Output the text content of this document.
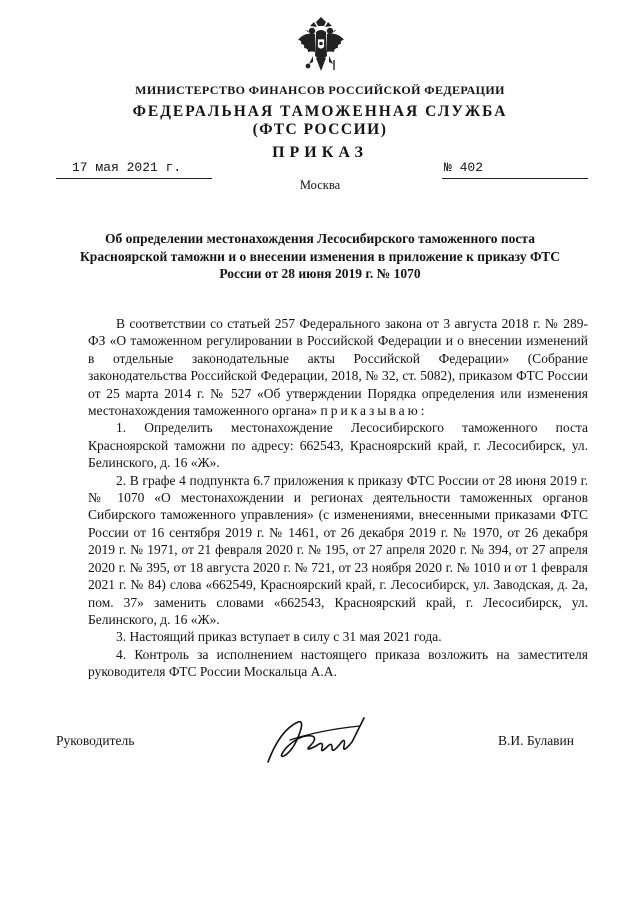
МИНИСТЕРСТВО ФИНАНСОВ РОССИЙСКОЙ ФЕДЕРАЦИИ
ФЕДЕРАЛЬНАЯ ТАМОЖЕННАЯ СЛУЖБА
(ФТС РОССИИ)
ПРИКАЗ
17 мая 2021 г.	№ 402
Москва
Об определении местонахождения Лесосибирского таможенного поста Красноярской таможни и о внесении изменения в приложение к приказу ФТС России от 28 июня 2019 г. № 1070

В соответствии со статьей 257 Федерального закона от 3 августа 2018 г. № 289-ФЗ «О таможенном регулировании в Российской Федерации и о внесении изменений в отдельные законодательные акты Российской Федерации» (Собрание законодательства Российской Федерации, 2018, № 32, ст. 5082), приказом ФТС России от 25 марта 2014 г. № 527 «Об утверждении Порядка определения или изменения местонахождения таможенного органа» приказываю:

1. Определить местонахождение Лесосибирского таможенного поста Красноярской таможни по адресу: 662543, Красноярский край, г. Лесосибирск, ул. Белинского, д. 16 «Ж».

2. В графе 4 подпункта 6.7 приложения к приказу ФТС России от 28 июня 2019 г. № 1070 «О местонахождении и регионах деятельности таможенных органов Сибирского таможенного управления» (с изменениями, внесенными приказами ФТС России от 16 сентября 2019 г. № 1461, от 26 декабря 2019 г. № 1970, от 26 декабря 2019 г. № 1971, от 21 февраля 2020 г. № 195, от 27 апреля 2020 г. № 394, от 27 апреля 2020 г. № 395, от 18 августа 2020 г. № 721, от 23 ноября 2020 г. № 1010 и от 1 февраля 2021 г. № 84) слова «662549, Красноярский край, г. Лесосибирск, ул. Заводская, д. 2а, пом. 37» заменить словами «662543, Красноярский край, г. Лесосибирск, ул. Белинского, д. 16 «Ж».

3. Настоящий приказ вступает в силу с 31 мая 2021 года.

4. Контроль за исполнением настоящего приказа возложить на заместителя руководителя ФТС России Москальца А.А.

Руководитель	В.И. Булавин
